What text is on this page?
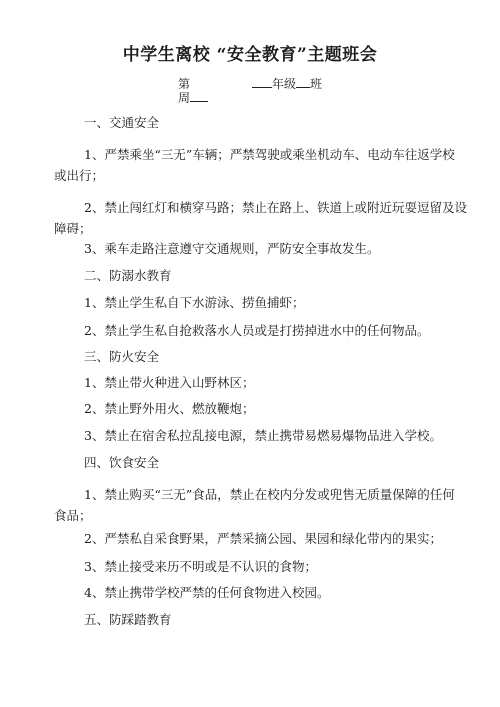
中学生离校 “安全教育”主题班会
第	年级 班
周
一、交通安全
1、严禁乘坐“三无”车辆；严禁驾驶或乘坐机动车、电动车往返学校
或出行；
2、禁止闯红灯和横穿马路；禁止在路上、铁道上或附近玩耍逗留及设
障碍；
3、乘车走路注意遵守交通规则，严防安全事故发生。
二、防溺水教育
1、禁止学生私自下水游泳、捞鱼捕虾；
2、禁止学生私自抢救落水人员或是打捞掉进水中的任何物品。
三、防火安全
1、禁止带火种进入山野林区；
2、禁止野外用火、燃放鞭炮；
3、禁止在宿舍私拉乱接电源，禁止携带易燃易爆物品进入学校。
四、饮食安全
1、禁止购买“三无”食品，禁止在校内分发或兜售无质量保障的任何
食品；
2、严禁私自采食野果，严禁采摘公园、果园和绿化带内的果实；
3、禁止接受来历不明或是不认识的食物；
4、禁止携带学校严禁的任何食物进入校园。
五、防踩踏教育
